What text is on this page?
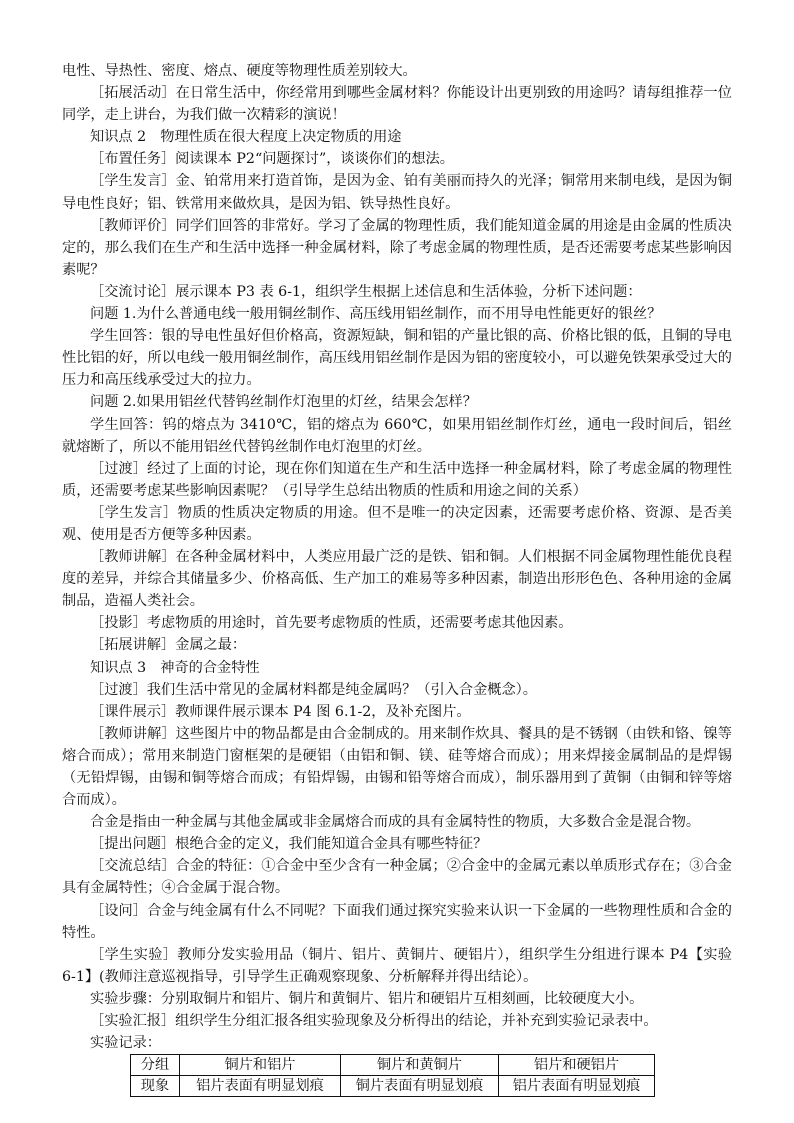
电性、导热性、密度、熔点、硬度等物理性质差别较大。

［拓展活动］在日常生活中，你经常用到哪些金属材料？你能设计出更别致的用途吗？请每组推荐一位同学，走上讲台，为我们做一次精彩的演说！

知识点 2　物理性质在很大程度上决定物质的用途

［布置任务］阅读课本 P2“问题探讨”，谈谈你们的想法。

［学生发言］金、铂常用来打造首饰，是因为金、铂有美丽而持久的光泽；铜常用来制电线，是因为铜导电性良好；铝、铁常用来做炊具，是因为铝、铁导热性良好。

［教师评价］同学们回答的非常好。学习了金属的物理性质，我们能知道金属的用途是由金属的性质决定的，那么我们在生产和生活中选择一种金属材料，除了考虑金属的物理性质，是否还需要考虑某些影响因素呢？

［交流讨论］展示课本 P3 表 6-1，组织学生根据上述信息和生活体验，分析下述问题：

问题 1.为什么普通电线一般用铜丝制作、高压线用铝丝制作，而不用导电性能更好的银丝？

学生回答：银的导电性虽好但价格高，资源短缺，铜和铝的产量比银的高、价格比银的低，且铜的导电性比铝的好，所以电线一般用铜丝制作，高压线用铝丝制作是因为铝的密度较小，可以避免铁架承受过大的压力和高压线承受过大的拉力。

问题 2.如果用铝丝代替钨丝制作灯泡里的灯丝，结果会怎样？

学生回答：钨的熔点为 3410℃，铝的熔点为 660℃，如果用铝丝制作灯丝，通电一段时间后，铝丝就熔断了，所以不能用铝丝代替钨丝制作电灯泡里的灯丝。

［过渡］经过了上面的讨论，现在你们知道在生产和生活中选择一种金属材料，除了考虑金属的物理性质，还需要考虑某些影响因素呢？（引导学生总结出物质的性质和用途之间的关系）

［学生发言］物质的性质决定物质的用途。但不是唯一的决定因素，还需要考虑价格、资源、是否美观、使用是否方便等多种因素。

［教师讲解］在各种金属材料中，人类应用最广泛的是铁、铝和铜。人们根据不同金属物理性能优良程度的差异，并综合其储量多少、价格高低、生产加工的难易等多种因素，制造出形形色色、各种用途的金属制品，造福人类社会。

［投影］考虑物质的用途时，首先要考虑物质的性质，还需要考虑其他因素。

［拓展讲解］金属之最：

知识点 3　神奇的合金特性

［过渡］我们生活中常见的金属材料都是纯金属吗？（引入合金概念）。

［课件展示］教师课件展示课本 P4 图 6.1-2，及补充图片。

［教师讲解］这些图片中的物品都是由合金制成的。用来制作炊具、餐具的是不锈钢（由铁和铬、镍等熔合而成）；常用来制造门窗框架的是硬铝（由铝和铜、镁、硅等熔合而成）；用来焊接金属制品的是焊锡（无铅焊锡，由锡和铜等熔合而成；有铅焊锡，由锡和铅等熔合而成），制乐器用到了黄铜（由铜和锌等熔合而成）。

合金是指由一种金属与其他金属或非金属熔合而成的具有金属特性的物质，大多数合金是混合物。

［提出问题］根绝合金的定义，我们能知道合金具有哪些特征？

［交流总结］合金的特征：①合金中至少含有一种金属；②合金中的金属元素以单质形式存在；③合金具有金属特性；④合金属于混合物。

［设问］合金与纯金属有什么不同呢？下面我们通过探究实验来认识一下金属的一些物理性质和合金的特性。

［学生实验］教师分发实验用品（铜片、铝片、黄铜片、硬铝片），组织学生分组进行课本 P4【实验 6-1】(教师注意巡视指导，引导学生正确观察现象、分析解释并得出结论）。

实验步骤：分别取铜片和铝片、铜片和黄铜片、铝片和硬铝片互相刻画，比较硬度大小。

［实验汇报］组织学生分组汇报各组实验现象及分析得出的结论，并补充到实验记录表中。

实验记录：

分组	铜片和铝片	铜片和黄铜片	铝片和硬铝片
现象	铝片表面有明显划痕	铜片表面有明显划痕	铝片表面有明显划痕
